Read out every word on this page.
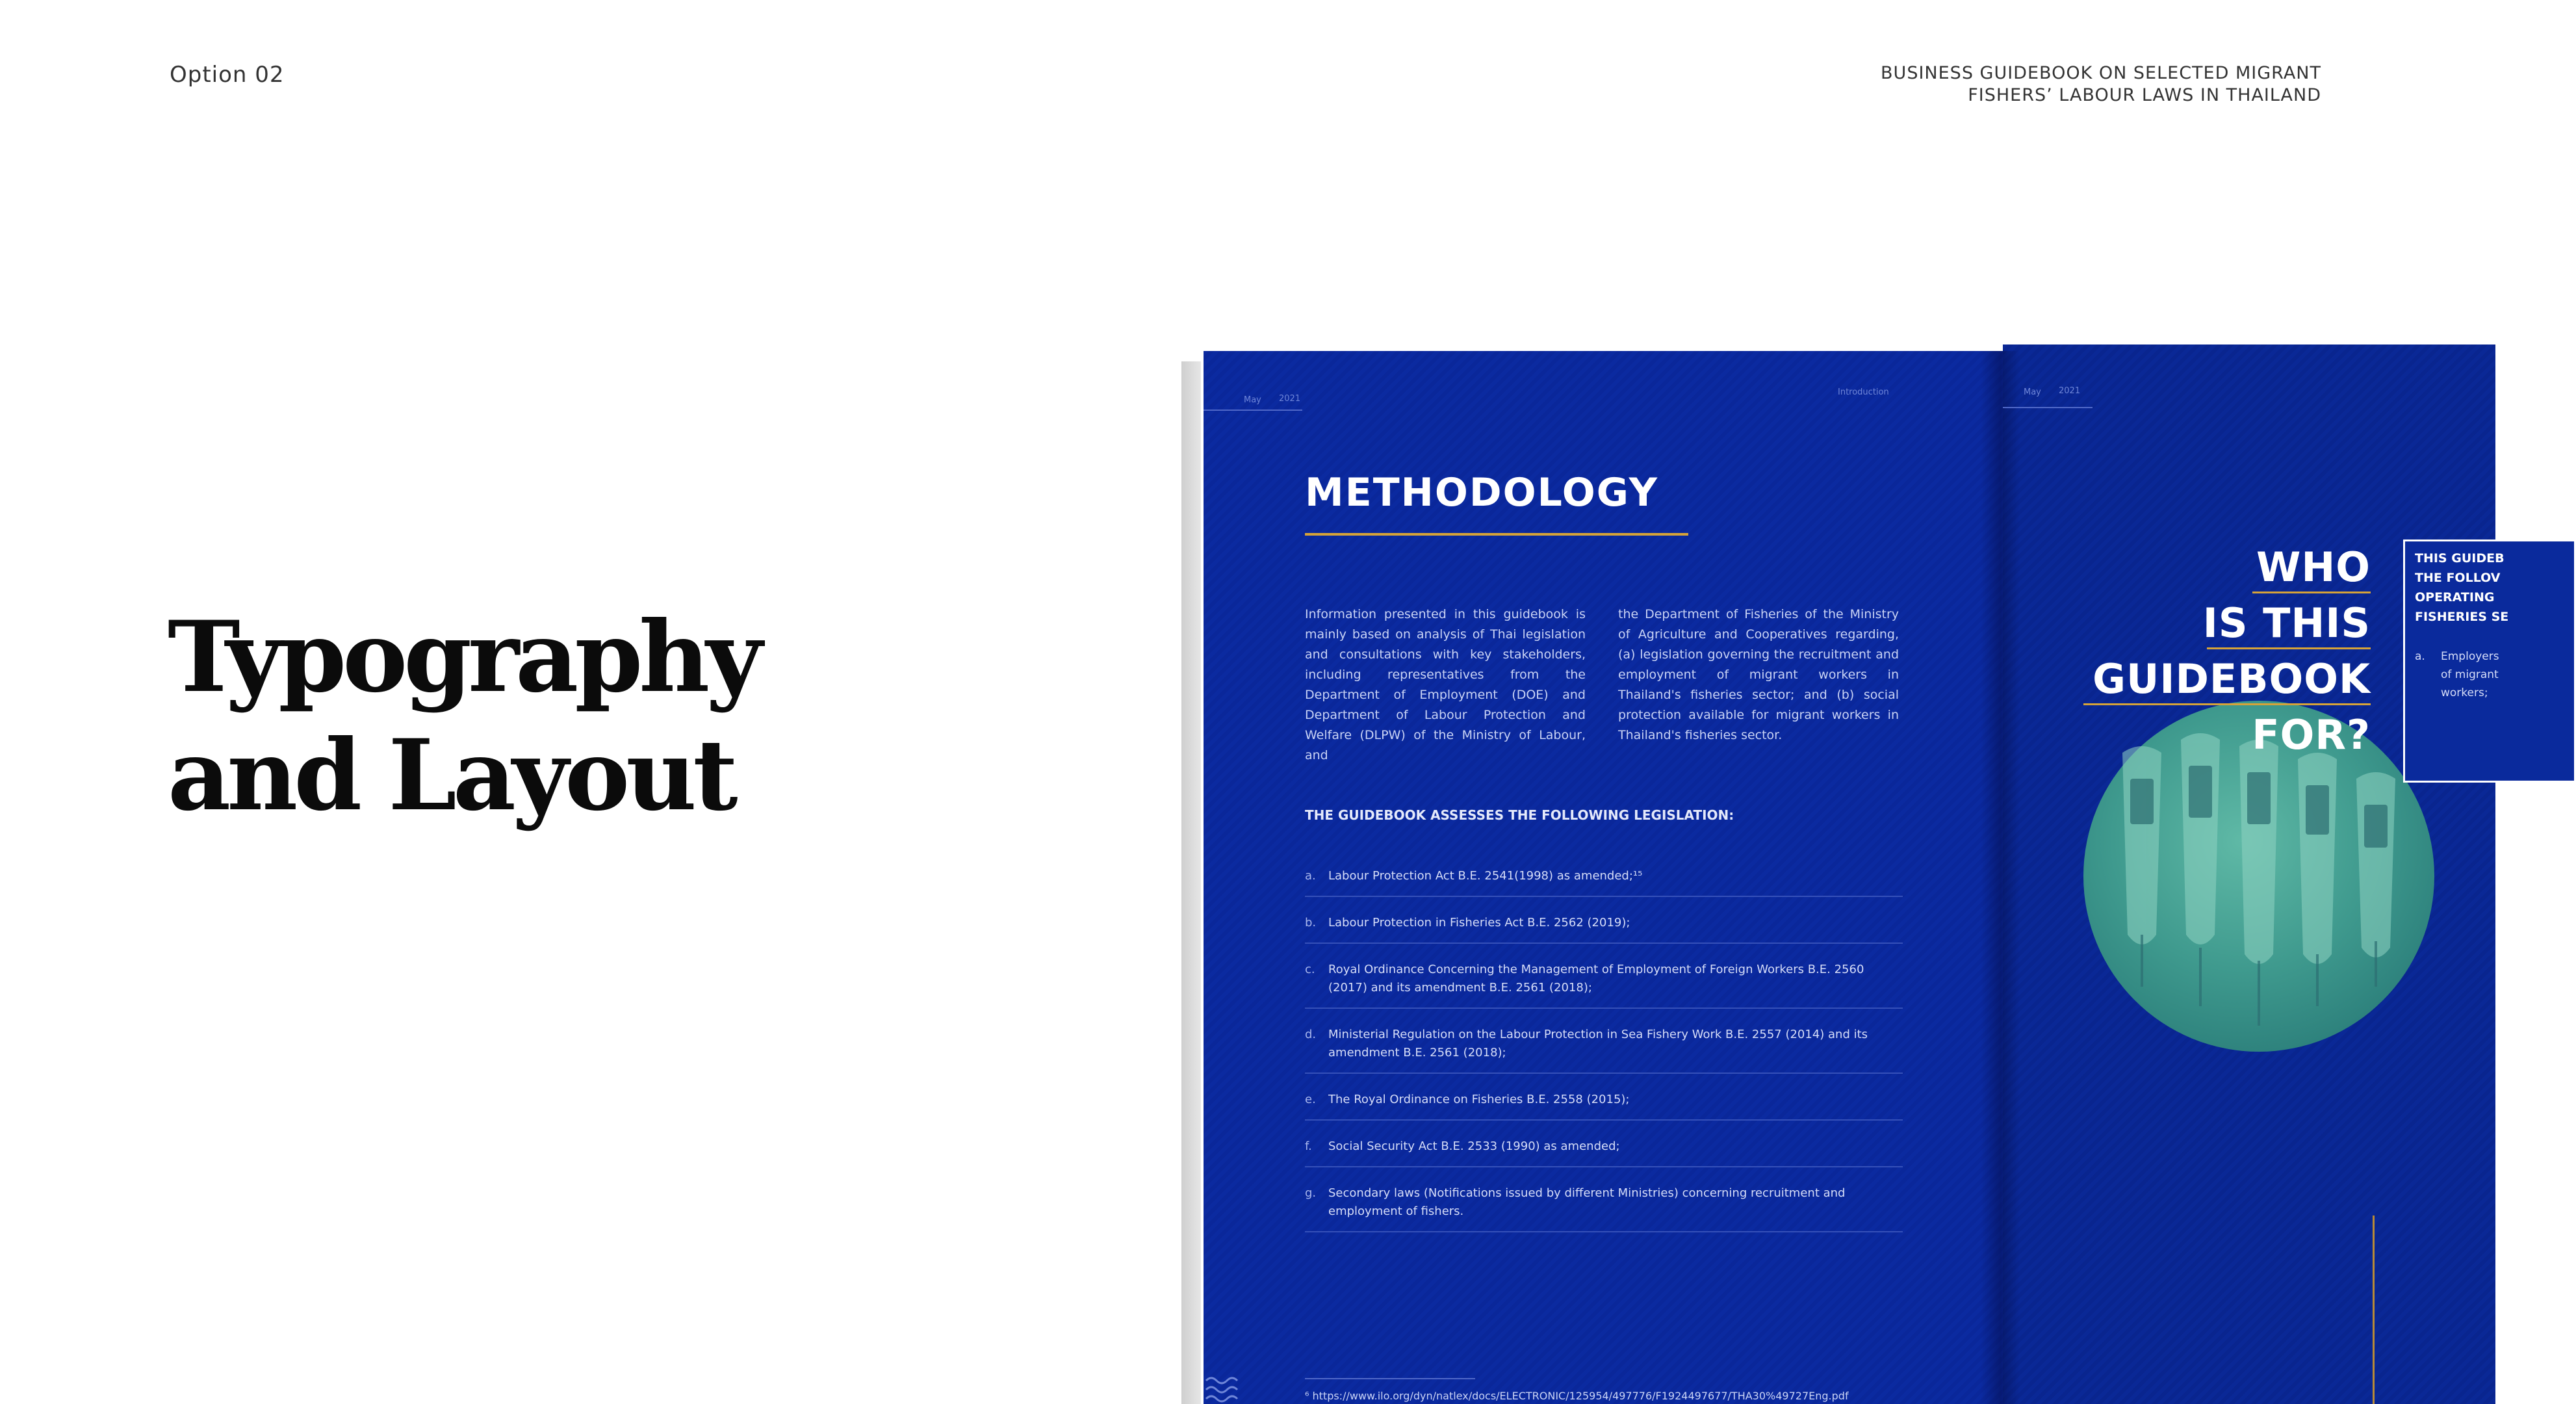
Option 02	BUSINESS GUIDEBOOK ON SELECTED MIGRANT
FISHERS’ LABOUR LAWS IN THAILAND
Typography
and Layout
May 2021
Introduction
METHODOLOGY
Information presented in this guidebook is mainly based on analysis of Thai legislation and consultations with key stakeholders, including representatives from the Department of Employment (DOE) and Department of Labour Protection and Welfare (DLPW) of the Ministry of Labour, and
the Department of Fisheries of the Ministry of Agriculture and Cooperatives regarding, (a) legislation governing the recruitment and employment of migrant workers in Thailand's fisheries sector; and (b) social protection available for migrant workers in Thailand's fisheries sector.
THE GUIDEBOOK ASSESSES THE FOLLOWING LEGISLATION:
a.	Labour Protection Act B.E. 2541(1998) as amended;¹⁵
b.	Labour Protection in Fisheries Act B.E. 2562 (2019);
c.	Royal Ordinance Concerning the Management of Employment of Foreign Workers B.E. 2560 (2017) and its amendment B.E. 2561 (2018);
d.	Ministerial Regulation on the Labour Protection in Sea Fishery Work B.E. 2557 (2014) and its amendment B.E. 2561 (2018);
e.	The Royal Ordinance on Fisheries B.E. 2558 (2015);
f.	Social Security Act B.E. 2533 (1990) as amended;
g.	Secondary laws (Notifications issued by different Ministries) concerning recruitment and employment of fishers.
⁶ https://www.ilo.org/dyn/natlex/docs/ELECTRONIC/125954/497776/F1924497677/THA30%49727Eng.pdf
May 2021
WHO
IS THIS
GUIDEBOOK
FOR?
THIS GUIDEB
THE FOLLOV
OPERATING
FISHERIES SE
a. Employers
of migrant
workers;
